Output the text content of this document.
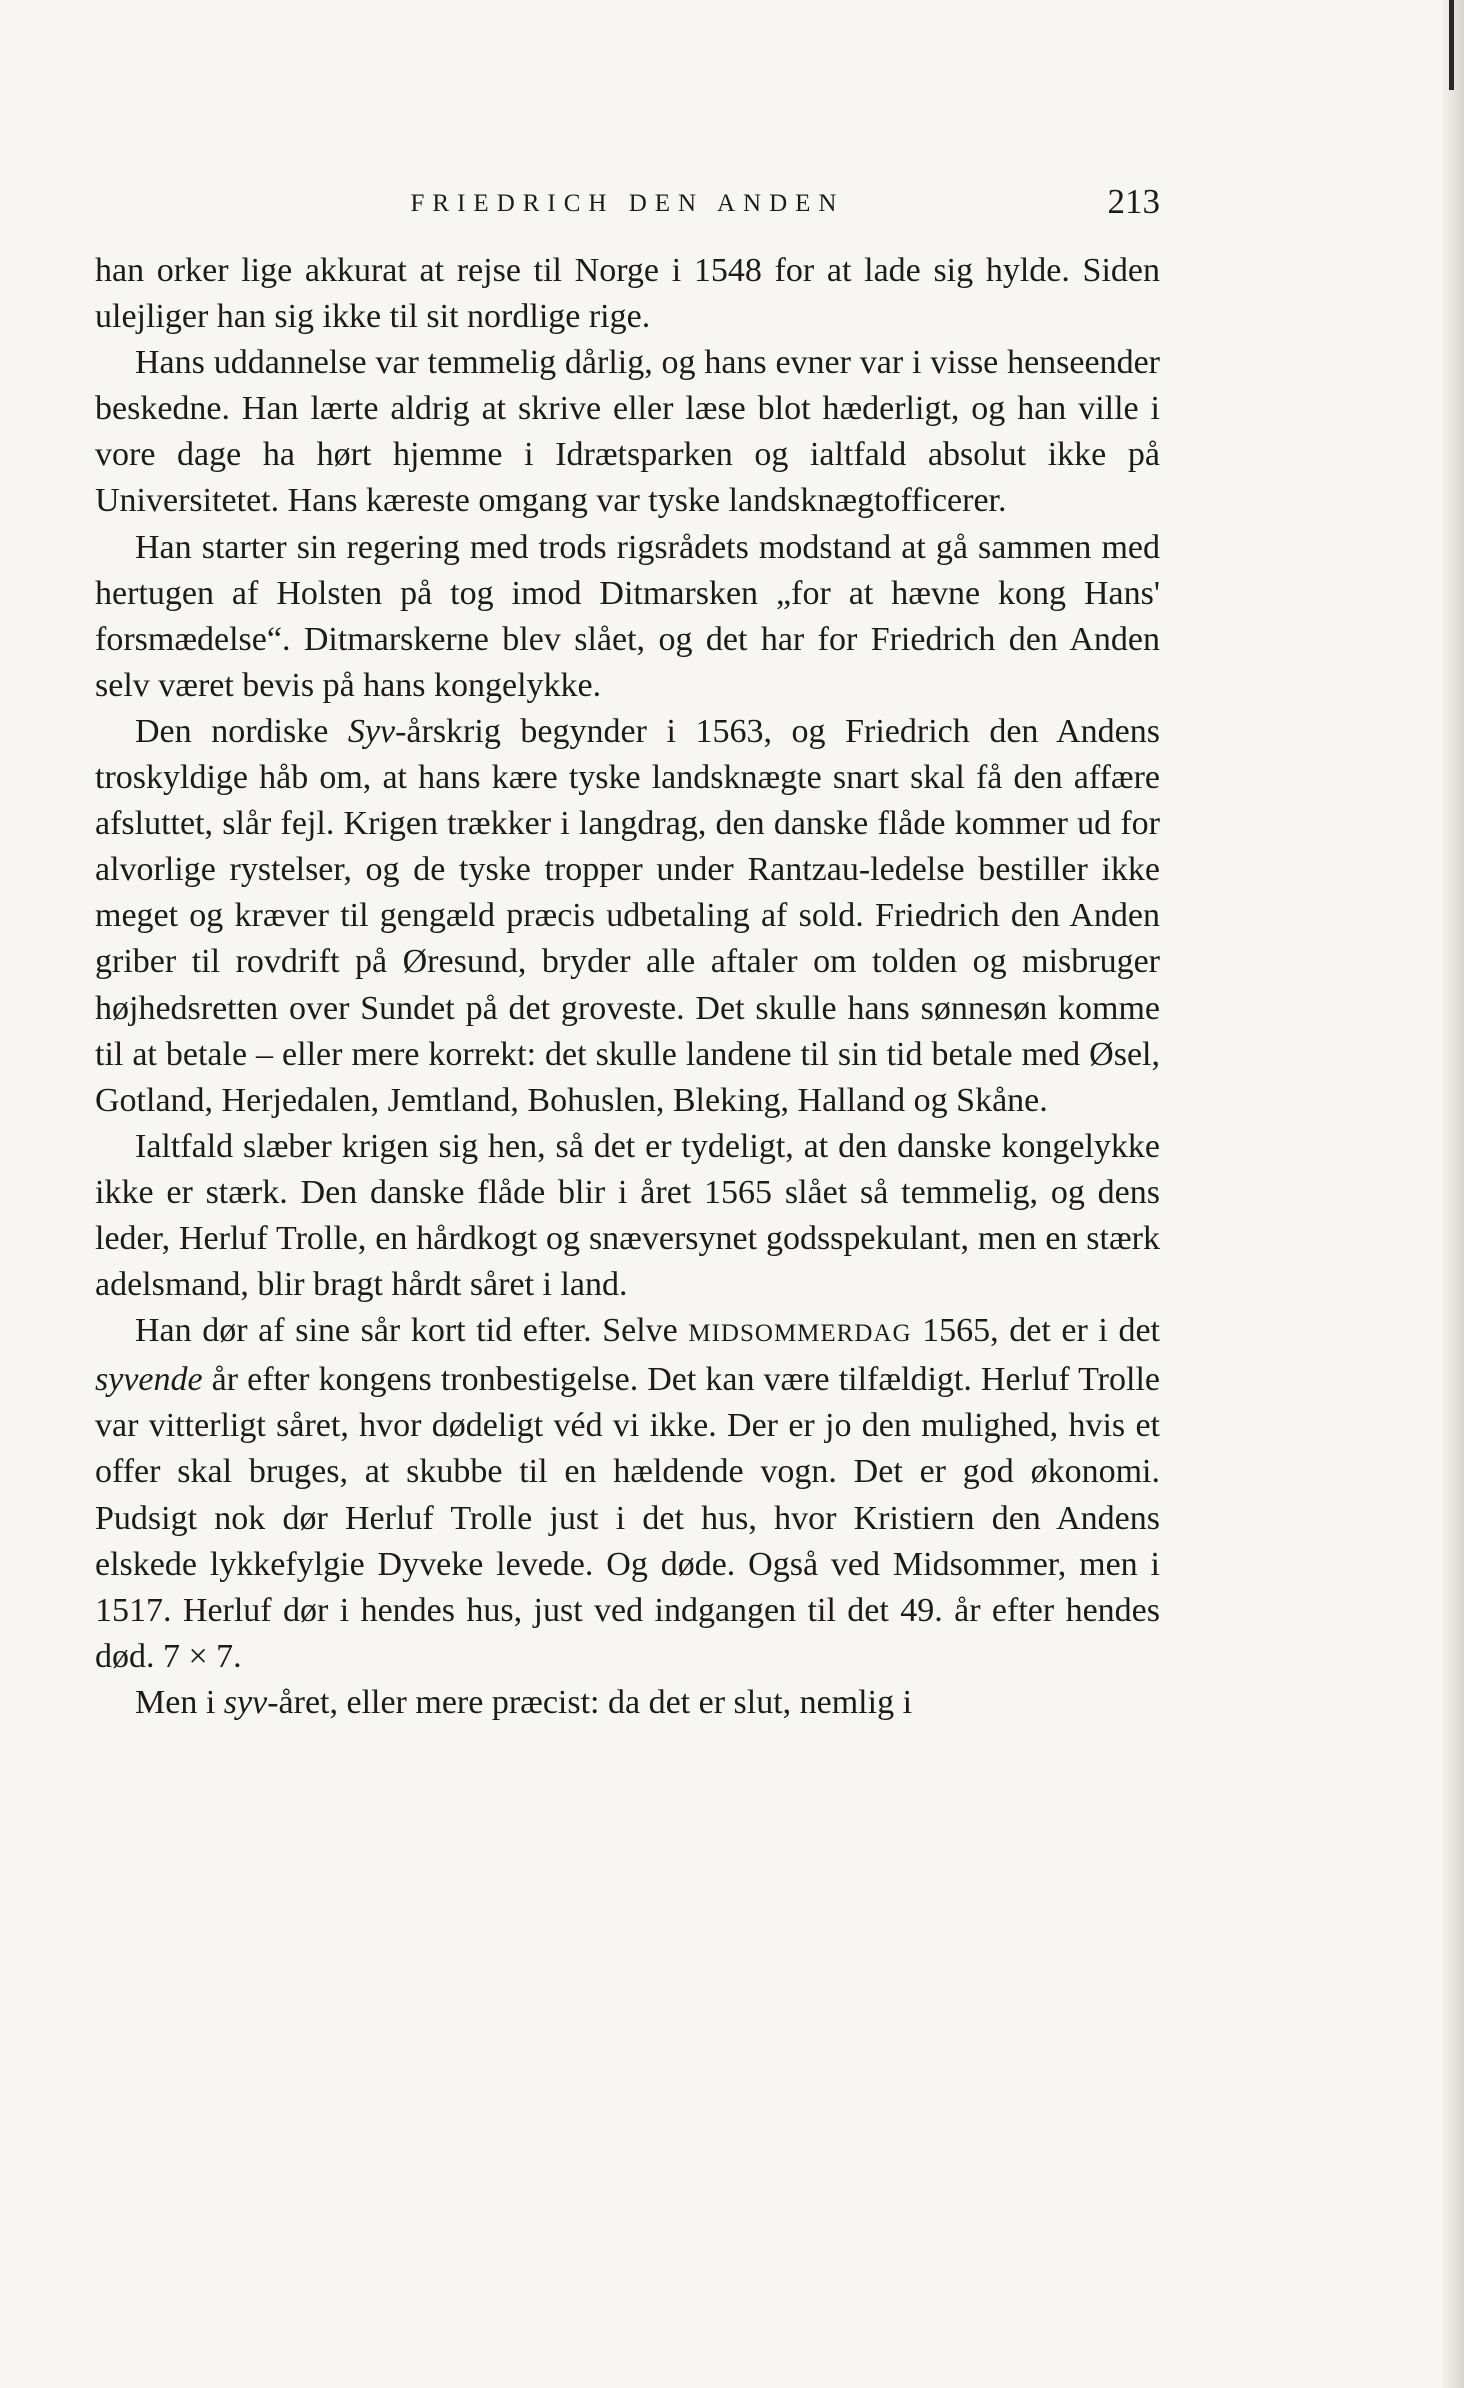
FRIEDRICH DEN ANDEN	213

han orker lige akkurat at rejse til Norge i 1548 for at lade sig hylde. Siden ulejliger han sig ikke til sit nordlige rige.

Hans uddannelse var temmelig dårlig, og hans evner var i visse henseender beskedne. Han lærte aldrig at skrive eller læse blot hæderligt, og han ville i vore dage ha hørt hjemme i Idrætsparken og ialtfald absolut ikke på Universitetet. Hans kæreste omgang var tyske landsknægtofficerer.

Han starter sin regering med trods rigsrådets modstand at gå sammen med hertugen af Holsten på tog imod Ditmarsken „for at hævne kong Hans' forsmædelse“. Ditmarskerne blev slået, og det har for Friedrich den Anden selv været bevis på hans kongelykke.

Den nordiske Syv-årskrig begynder i 1563, og Friedrich den Andens troskyldige håb om, at hans kære tyske landsknægte snart skal få den affære afsluttet, slår fejl. Krigen trækker i langdrag, den danske flåde kommer ud for alvorlige rystelser, og de tyske tropper under Rantzau-ledelse bestiller ikke meget og kræver til gengæld præcis udbetaling af sold. Friedrich den Anden griber til rovdrift på Øresund, bryder alle aftaler om tolden og misbruger højhedsretten over Sundet på det groveste. Det skulle hans sønnesøn komme til at betale – eller mere korrekt: det skulle landene til sin tid betale med Øsel, Gotland, Herjedalen, Jemtland, Bohuslen, Bleking, Halland og Skåne.

Ialtfald slæber krigen sig hen, så det er tydeligt, at den danske kongelykke ikke er stærk. Den danske flåde blir i året 1565 slået så temmelig, og dens leder, Herluf Trolle, en hårdkogt og snæversynet godsspekulant, men en stærk adelsmand, blir bragt hårdt såret i land.

Han dør af sine sår kort tid efter. Selve MIDSOMMERDAG 1565, det er i det syvende år efter kongens tronbestigelse. Det kan være tilfældigt. Herluf Trolle var vitterligt såret, hvor dødeligt véd vi ikke. Der er jo den mulighed, hvis et offer skal bruges, at skubbe til en hældende vogn. Det er god økonomi. Pudsigt nok dør Herluf Trolle just i det hus, hvor Kristiern den Andens elskede lykkefylgie Dyveke levede. Og døde. Også ved Midsommer, men i 1517. Herluf dør i hendes hus, just ved indgangen til det 49. år efter hendes død. 7 × 7.

Men i syv-året, eller mere præcist: da det er slut, nemlig i
